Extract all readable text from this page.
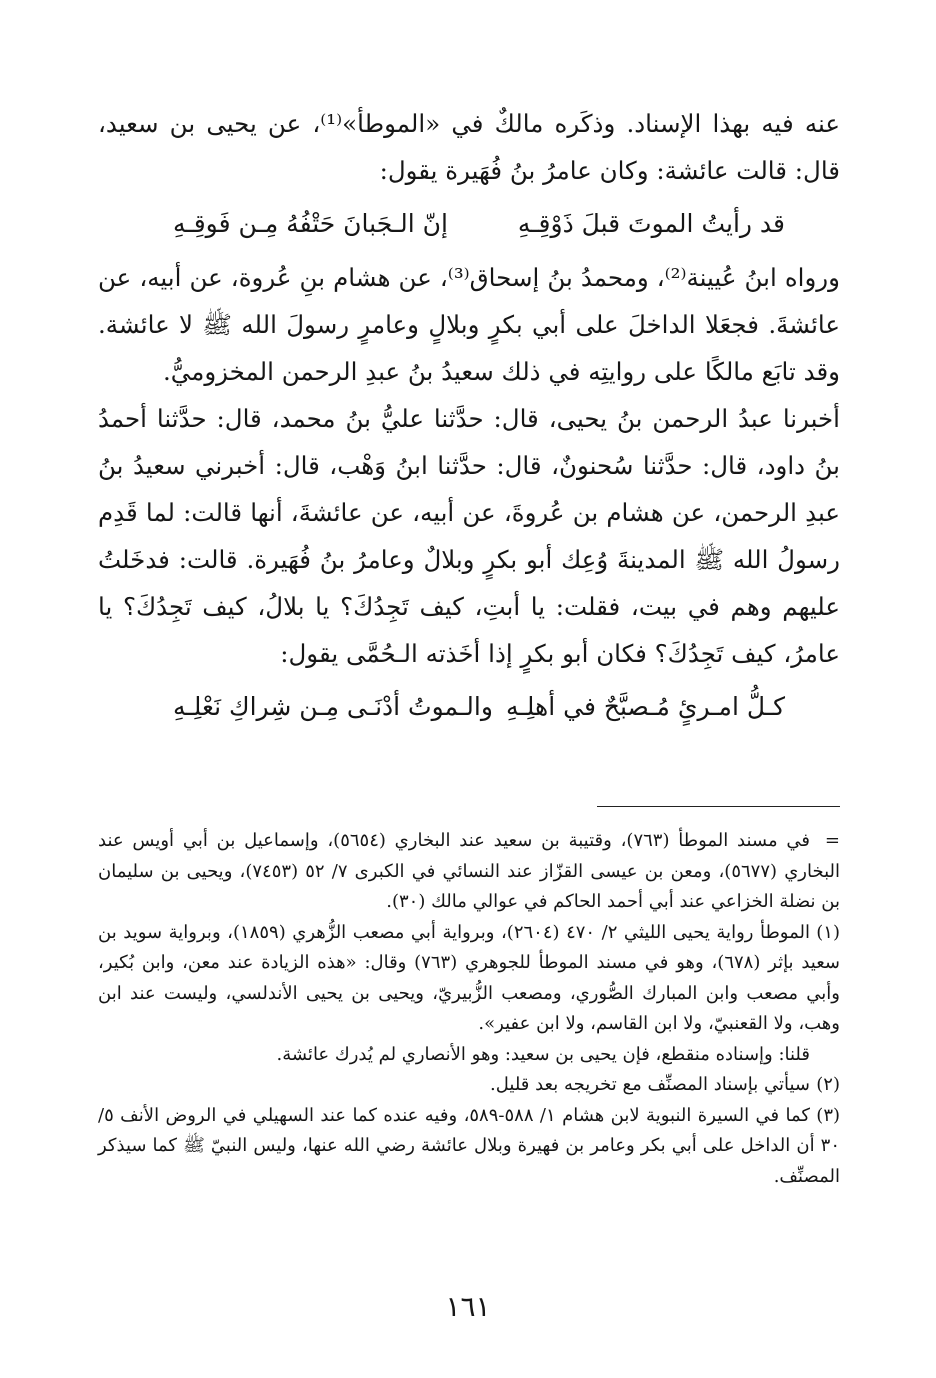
عنه فيه بهذا الإسناد. وذكَره مالكٌ في «الموطأ»⁽¹⁾، عن يحيى بن سعيد، قال: قالت عائشة: وكان عامرُ بنُ فُهَيرة يقول:

قد رأيتُ الموتَ قبلَ ذَوْقِـهِ
إنّ الـجَبانَ حَتْفُهُ مِـن فَوقِـهِ

ورواه ابنُ عُيينة⁽²⁾، ومحمدُ بنُ إسحاق⁽³⁾، عن هشام بنِ عُروة، عن أبيه، عن عائشةَ. فجعَلا الداخلَ على أبي بكرٍ وبلالٍ وعامرٍ رسولَ الله ﷺ لا عائشة. وقد تابَع مالكًا على روايتِه في ذلك سعيدُ بنُ عبدِ الرحمن المخزوميُّ.

أخبرنا عبدُ الرحمن بنُ يحيى، قال: حدَّثنا عليُّ بنُ محمد، قال: حدَّثنا أحمدُ بنُ داود، قال: حدَّثنا سُحنونٌ، قال: حدَّثنا ابنُ وَهْب، قال: أخبرني سعيدُ بنُ عبدِ الرحمن، عن هشام بن عُروةَ، عن أبيه، عن عائشةَ، أنها قالت: لما قَدِم رسولُ الله ﷺ المدينةَ وُعِك أبو بكرٍ وبلالٌ وعامرُ بنُ فُهَيرة. قالت: فدخَلتُ عليهم وهم في بيت، فقلت: يا أبتِ، كيف تَجِدُكَ؟ يا بلالُ، كيف تَجِدُكَ؟ يا عامرُ، كيف تَجِدُكَ؟ فكان أبو بكرٍ إذا أخَذته الـحُمَّى يقول:

كـلُّ امـرئٍ مُـصبَّحٌ في أهلِـهِ
والـموتُ أدْنَـى مِـن شِراكِ نَعْلِـهِ

=في مسند الموطأ (٧٦٣)، وقتيبة بن سعيد عند البخاري (٥٦٥٤)، وإسماعيل بن أبي أويس عند البخاري (٥٦٧٧)، ومعن بن عيسى القزّاز عند النسائي في الكبرى ٧/ ٥٢ (٧٤٥٣)، ويحيى بن سليمان بن نضلة الخزاعي عند أبي أحمد الحاكم في عوالي مالك (٣٠).

(١)الموطأ رواية يحيى الليثي ٢/ ٤٧٠ (٢٦٠٤)، وبرواية أبي مصعب الزُّهري (١٨٥٩)، وبرواية سويد بن سعيد بإثر (٦٧٨)، وهو في مسند الموطأ للجوهري (٧٦٣) وقال: «هذه الزيادة عند معن، وابن بُكير، وأبي مصعب وابن المبارك الصُّوري، ومصعب الزُّبيريّ، ويحيى بن يحيى الأندلسي، وليست عند ابن وهب، ولا القعنبيّ، ولا ابن القاسم، ولا ابن عفير».
قلنا: وإسناده منقطع، فإن يحيى بن سعيد: وهو الأنصاري لم يُدرك عائشة.

(٢)سيأتي بإسناد المصنِّف مع تخريجه بعد قليل.

(٣)كما في السيرة النبوية لابن هشام ١/ ٥٨٨-٥٨٩، وفيه عنده كما عند السهيلي في الروض الأنف ٥/ ٣٠ أن الداخل على أبي بكر وعامر بن فهيرة وبلال عائشة رضي الله عنها، وليس النبيّ ﷺ كما سيذكر المصنِّف.

١٦١
